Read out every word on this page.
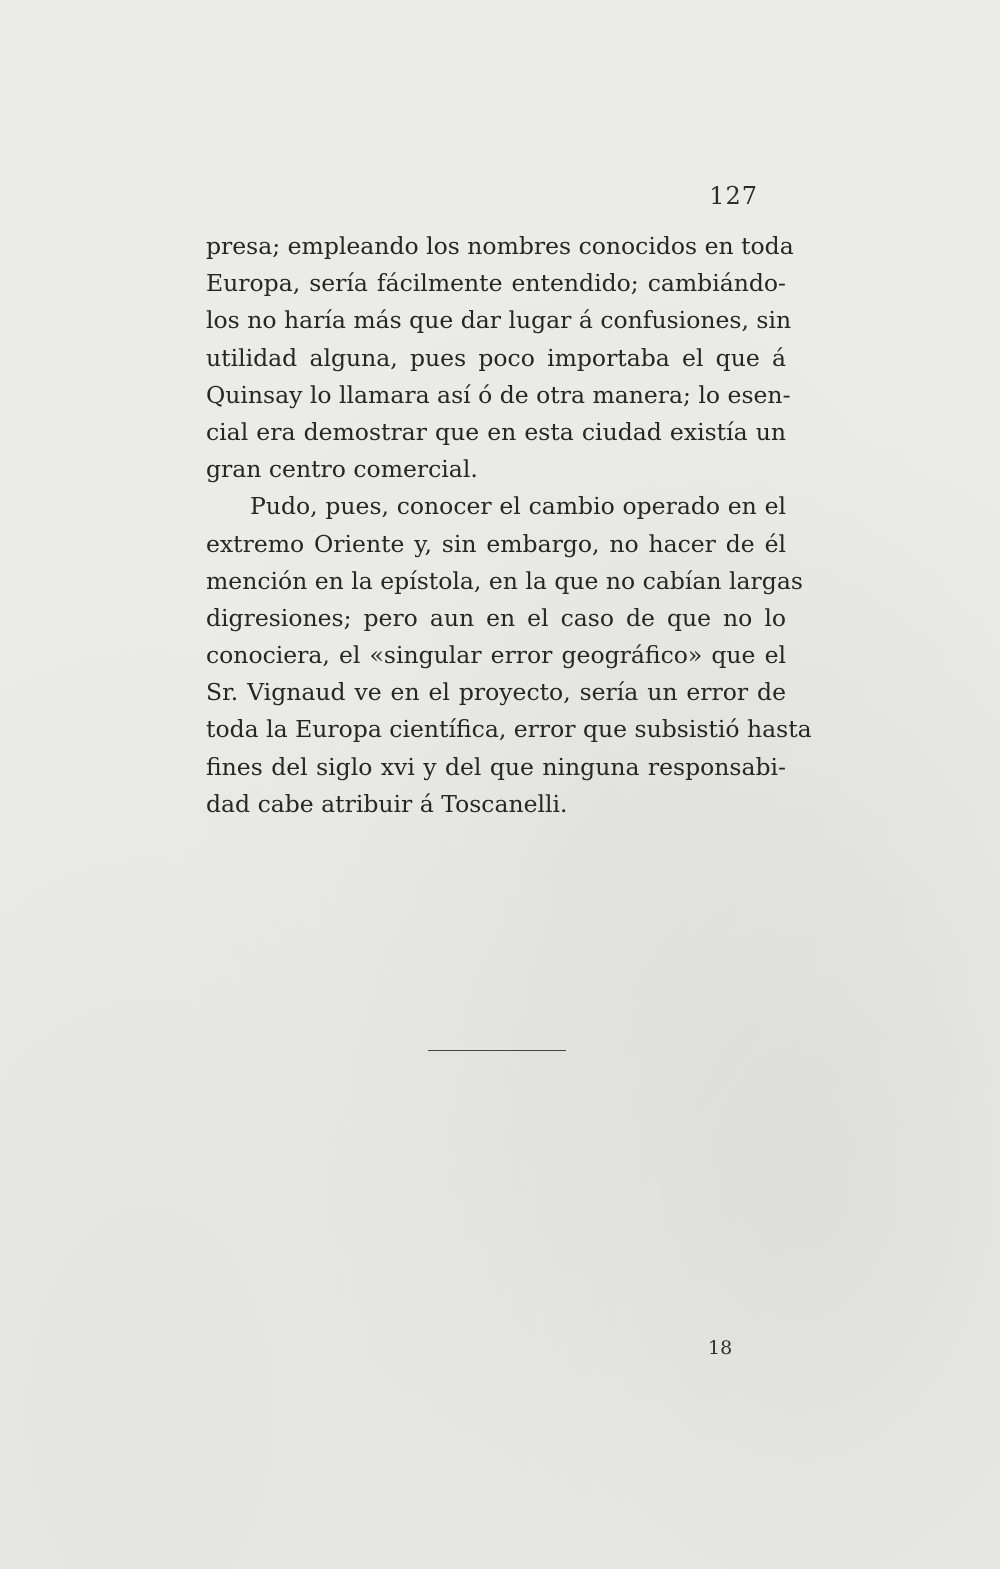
127
presa; empleando los nombres conocidos en toda
Europa, sería fácilmente entendido; cambiándo-
los no haría más que dar lugar á confusiones, sin
utilidad alguna, pues poco importaba el que á
Quinsay lo llamara así ó de otra manera; lo esen-
cial era demostrar que en esta ciudad existía un
gran centro comercial.
Pudo, pues, conocer el cambio operado en el
extremo Oriente y, sin embargo, no hacer de él
mención en la epístola, en la que no cabían largas
digresiones; pero aun en el caso de que no lo
conociera, el «singular error geográfico» que el
Sr. Vignaud ve en el proyecto, sería un error de
toda la Europa científica, error que subsistió hasta
fines del siglo xvi y del que ninguna responsabi-
dad cabe atribuir á Toscanelli.
18
